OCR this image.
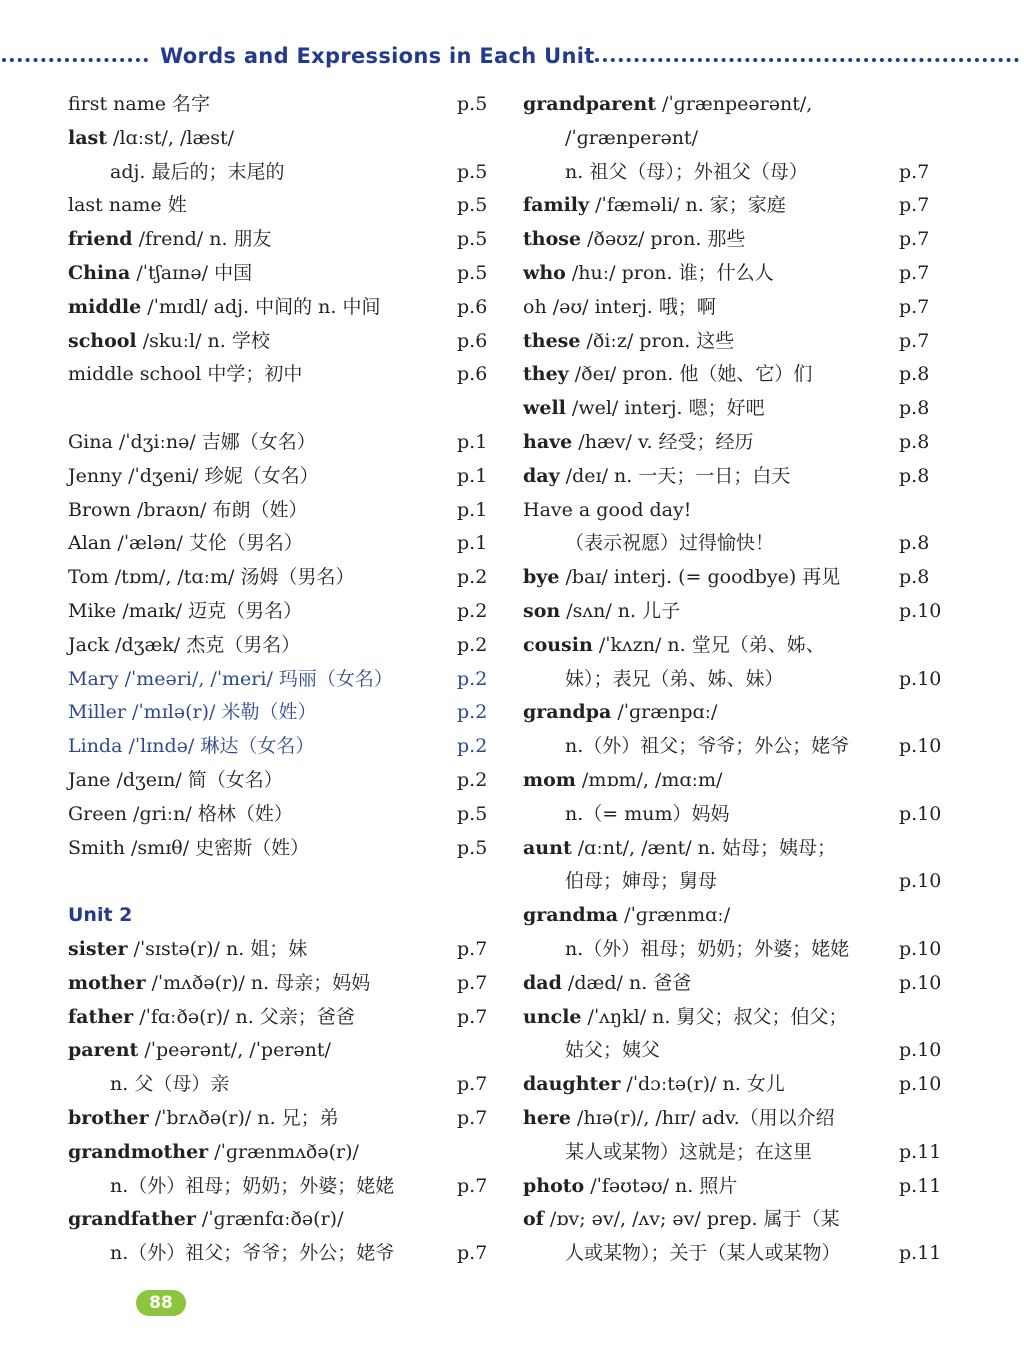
Words and Expressions in Each Unit
first name 名字	p.5
last /lɑːst/, /læst/
adj. 最后的；末尾的	p.5
last name 姓	p.5
friend /frend/ n. 朋友	p.5
China /ˈtʃaɪnə/ 中国	p.5
middle /ˈmɪdl/ adj. 中间的 n. 中间	p.6
school /skuːl/ n. 学校	p.6
middle school 中学；初中	p.6
Gina /ˈdʒiːnə/ 吉娜（女名）	p.1
Jenny /ˈdʒeni/ 珍妮（女名）	p.1
Brown /braʊn/ 布朗（姓）	p.1
Alan /ˈælən/ 艾伦（男名）	p.1
Tom /tɒm/, /tɑːm/ 汤姆（男名）	p.2
Mike /maɪk/ 迈克（男名）	p.2
Jack /dʒæk/ 杰克（男名）	p.2
Mary /ˈmeəri/, /ˈmeri/ 玛丽（女名）	p.2
Miller /ˈmɪlə(r)/ 米勒（姓）	p.2
Linda /ˈlɪndə/ 琳达（女名）	p.2
Jane /dʒeɪn/ 简（女名）	p.2
Green /griːn/ 格林（姓）	p.5
Smith /smɪθ/ 史密斯（姓）	p.5
Unit 2
sister /ˈsɪstə(r)/ n. 姐；妹	p.7
mother /ˈmʌðə(r)/ n. 母亲；妈妈	p.7
father /ˈfɑːðə(r)/ n. 父亲；爸爸	p.7
parent /ˈpeərənt/, /ˈperənt/
n. 父（母）亲	p.7
brother /ˈbrʌðə(r)/ n. 兄；弟	p.7
grandmother /ˈɡrænmʌðə(r)/
n.（外）祖母；奶奶；外婆；姥姥	p.7
grandfather /ˈɡrænfɑːðə(r)/
n.（外）祖父；爷爷；外公；姥爷	p.7
grandparent /ˈɡrænpeərənt/,
/ˈɡrænperənt/
n. 祖父（母）；外祖父（母）	p.7
family /ˈfæməli/ n. 家；家庭	p.7
those /ðəʊz/ pron. 那些	p.7
who /huː/ pron. 谁；什么人	p.7
oh /əʊ/ interj. 哦；啊	p.7
these /ðiːz/ pron. 这些	p.7
they /ðeɪ/ pron. 他（她、它）们	p.8
well /wel/ interj. 嗯；好吧	p.8
have /hæv/ v. 经受；经历	p.8
day /deɪ/ n. 一天；一日；白天	p.8
Have a good day!
（表示祝愿）过得愉快！	p.8
bye /baɪ/ interj. (= goodbye) 再见	p.8
son /sʌn/ n. 儿子	p.10
cousin /ˈkʌzn/ n. 堂兄（弟、姊、
妹）；表兄（弟、姊、妹）	p.10
grandpa /ˈɡrænpɑː/
n.（外）祖父；爷爷；外公；姥爷	p.10
mom /mɒm/, /mɑːm/
n.（= mum）妈妈	p.10
aunt /ɑːnt/, /ænt/ n. 姑母；姨母；
伯母；婶母；舅母	p.10
grandma /ˈɡrænmɑː/
n.（外）祖母；奶奶；外婆；姥姥	p.10
dad /dæd/ n. 爸爸	p.10
uncle /ˈʌŋkl/ n. 舅父；叔父；伯父；
姑父；姨父	p.10
daughter /ˈdɔːtə(r)/ n. 女儿	p.10
here /hɪə(r)/, /hɪr/ adv.（用以介绍
某人或某物）这就是；在这里	p.11
photo /ˈfəʊtəʊ/ n. 照片	p.11
of /ɒv; əv/, /ʌv; əv/ prep. 属于（某
人或某物）；关于（某人或某物）	p.11
88
